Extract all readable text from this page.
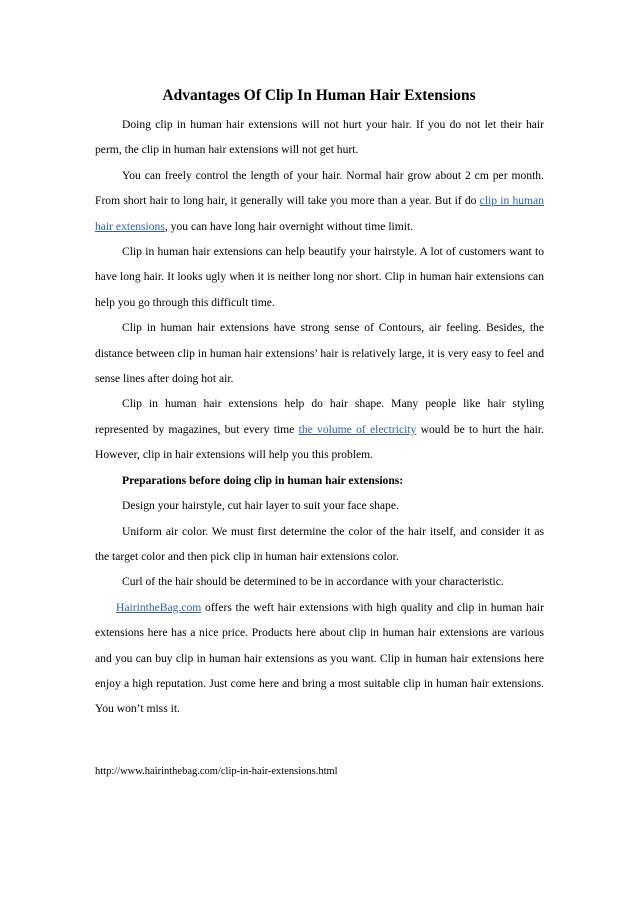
Advantages Of Clip In Human Hair Extensions

Doing clip in human hair extensions will not hurt your hair. If you do not let their hair perm, the clip in human hair extensions will not get hurt.

You can freely control the length of your hair. Normal hair grow about 2 cm per month. From short hair to long hair, it generally will take you more than a year. But if do clip in human hair extensions, you can have long hair overnight without time limit.

Clip in human hair extensions can help beautify your hairstyle. A lot of customers want to have long hair. It looks ugly when it is neither long nor short. Clip in human hair extensions can help you go through this difficult time.

Clip in human hair extensions have strong sense of Contours, air feeling. Besides, the distance between clip in human hair extensions’ hair is relatively large, it is very easy to feel and sense lines after doing hot air.

Clip in human hair extensions help do hair shape. Many people like hair styling represented by magazines, but every time the volume of electricity would be to hurt the hair. However, clip in hair extensions will help you this problem.

Preparations before doing clip in human hair extensions:

Design your hairstyle, cut hair layer to suit your face shape.

Uniform air color. We must first determine the color of the hair itself, and consider it as the target color and then pick clip in human hair extensions color.

Curl of the hair should be determined to be in accordance with your characteristic.

HairintheBag.com offers the weft hair extensions with high quality and clip in human hair extensions here has a nice price. Products here about clip in human hair extensions are various and you can buy clip in human hair extensions as you want. Clip in human hair extensions here enjoy a high reputation. Just come here and bring a most suitable clip in human hair extensions. You won’t miss it.

http://www.hairinthebag.com/clip-in-hair-extensions.html
